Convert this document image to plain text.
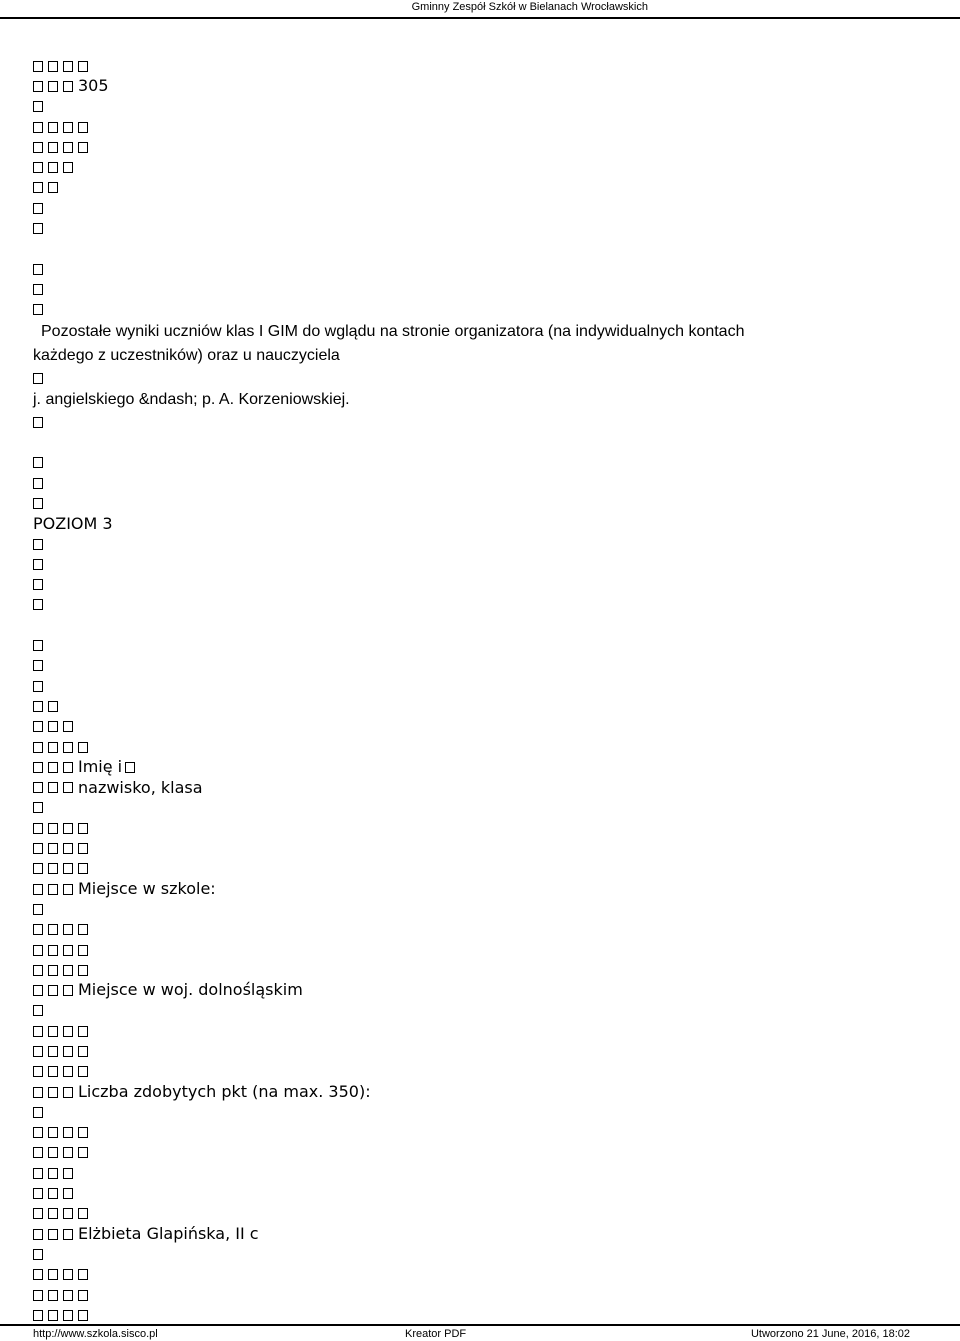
Gminny Zespół Szkół w Bielanach Wrocławskich
305
Pozostałe wyniki uczniów klas I GIM do wglądu na stronie organizatora (na indywidualnych kontach
każdego z uczestników) oraz u nauczyciela
j. angielskiego &ndash; p. A. Korzeniowskiej.
POZIOM 3
Imię i
nazwisko, klasa
Miejsce w szkole:
Miejsce w woj. dolnośląskim
Liczba zdobytych pkt (na max. 350):
Elżbieta Glapińska, II c
http://www.szkola.sisco.pl	Kreator PDF	Utworzono 21 June, 2016, 18:02
